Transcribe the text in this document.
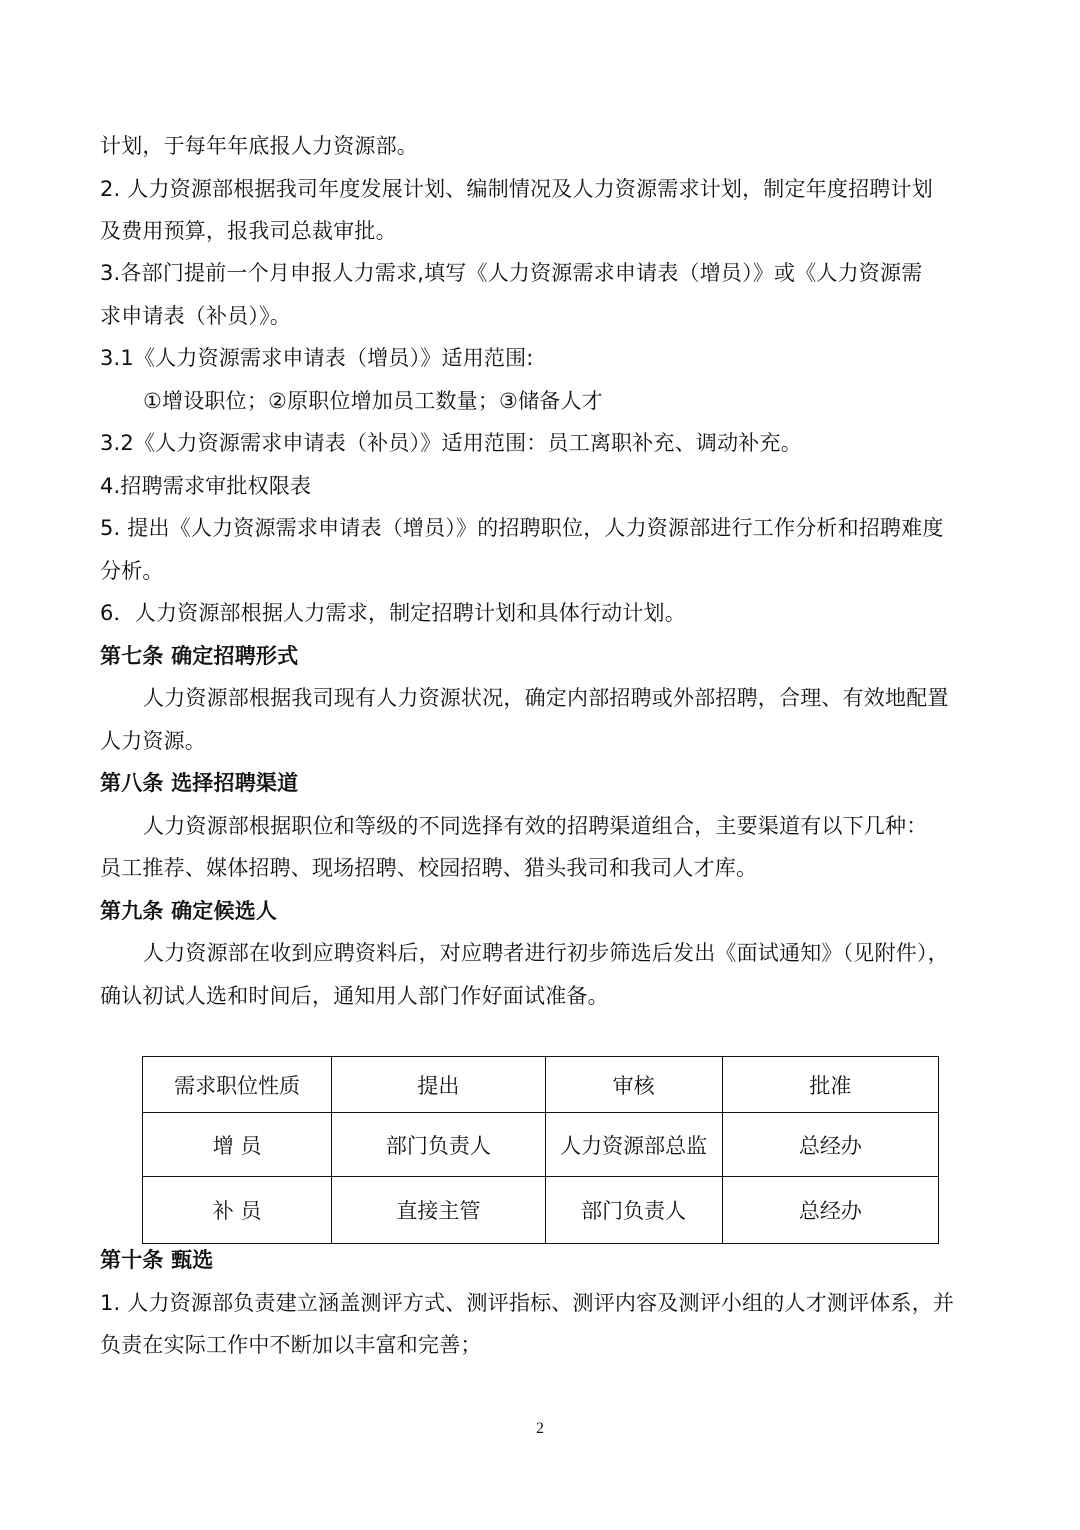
计划，于每年年底报人力资源部。
2. 人力资源部根据我司年度发展计划、编制情况及人力资源需求计划，制定年度招聘计划
及费用预算，报我司总裁审批。
3.各部门提前一个月申报人力需求,填写《人力资源需求申请表（增员）》或《人力资源需
求申请表（补员）》。
3.1《人力资源需求申请表（增员）》适用范围:
①增设职位；②原职位增加员工数量；③储备人才
3.2《人力资源需求申请表（补员）》适用范围：员工离职补充、调动补充。
4.招聘需求审批权限表
5. 提出《人力资源需求申请表（增员）》的招聘职位，人力资源部进行工作分析和招聘难度
分析。
6．人力资源部根据人力需求，制定招聘计划和具体行动计划。
第七条 确定招聘形式
人力资源部根据我司现有人力资源状况，确定内部招聘或外部招聘，合理、有效地配置
人力资源。
第八条 选择招聘渠道
人力资源部根据职位和等级的不同选择有效的招聘渠道组合，主要渠道有以下几种：
员工推荐、媒体招聘、现场招聘、校园招聘、猎头我司和我司人才库。
第九条 确定候选人
人力资源部在收到应聘资料后，对应聘者进行初步筛选后发出《面试通知》（见附件），
确认初试人选和时间后，通知用人部门作好面试准备。
需求职位性质	提出	审核	批准
增 员	部门负责人	人力资源部总监	总经办
补 员	直接主管	部门负责人	总经办
第十条 甄选
1. 人力资源部负责建立涵盖测评方式、测评指标、测评内容及测评小组的人才测评体系，并
负责在实际工作中不断加以丰富和完善；
2
